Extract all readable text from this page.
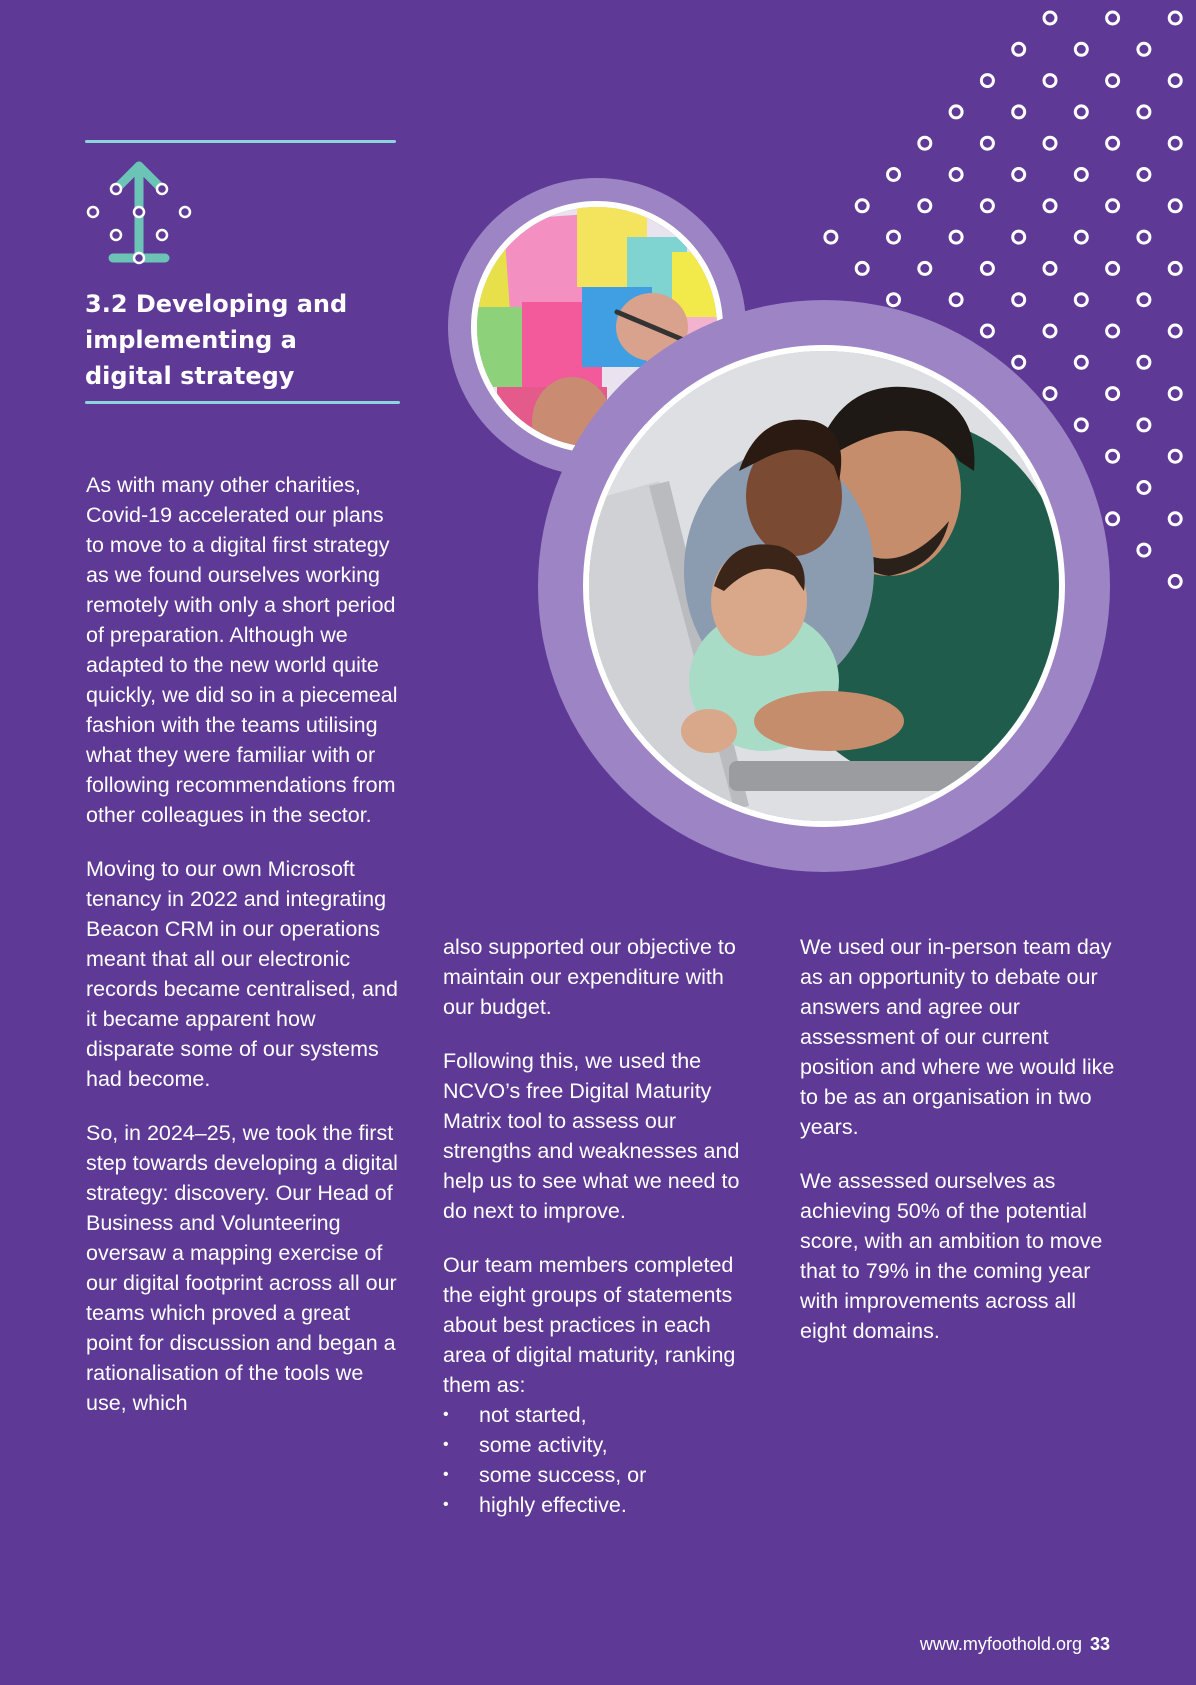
3.2 Developing and
implementing a
digital strategy

As with many other charities, Covid-19 accelerated our plans to move to a digital first strategy as we found ourselves working remotely with only a short period of preparation. Although we adapted to the new world quite quickly, we did so in a piecemeal fashion with the teams utilising what they were familiar with or following recommendations from other colleagues in the sector.

Moving to our own Microsoft tenancy in 2022 and integrating Beacon CRM in our operations meant that all our electronic records became centralised, and it became apparent how disparate some of our systems had become.

So, in 2024–25, we took the first step towards developing a digital strategy: discovery. Our Head of Business and Volunteering oversaw a mapping exercise of our digital footprint across all our teams which proved a great point for discussion and began a rationalisation of the tools we use, which

also supported our objective to maintain our expenditure with our budget.

Following this, we used the NCVO’s free Digital Maturity Matrix tool to assess our strengths and weaknesses and help us to see what we need to do next to improve.

Our team members completed the eight groups of statements about best practices in each area of digital maturity, ranking them as:

• not started,
• some activity,
• some success, or
• highly effective.

We used our in-person team day as an opportunity to debate our answers and agree our assessment of our current position and where we would like to be as an organisation in two years.

We assessed ourselves as achieving 50% of the potential score, with an ambition to move that to 79% in the coming year with improvements across all eight domains.

www.myfoothold.org 33
